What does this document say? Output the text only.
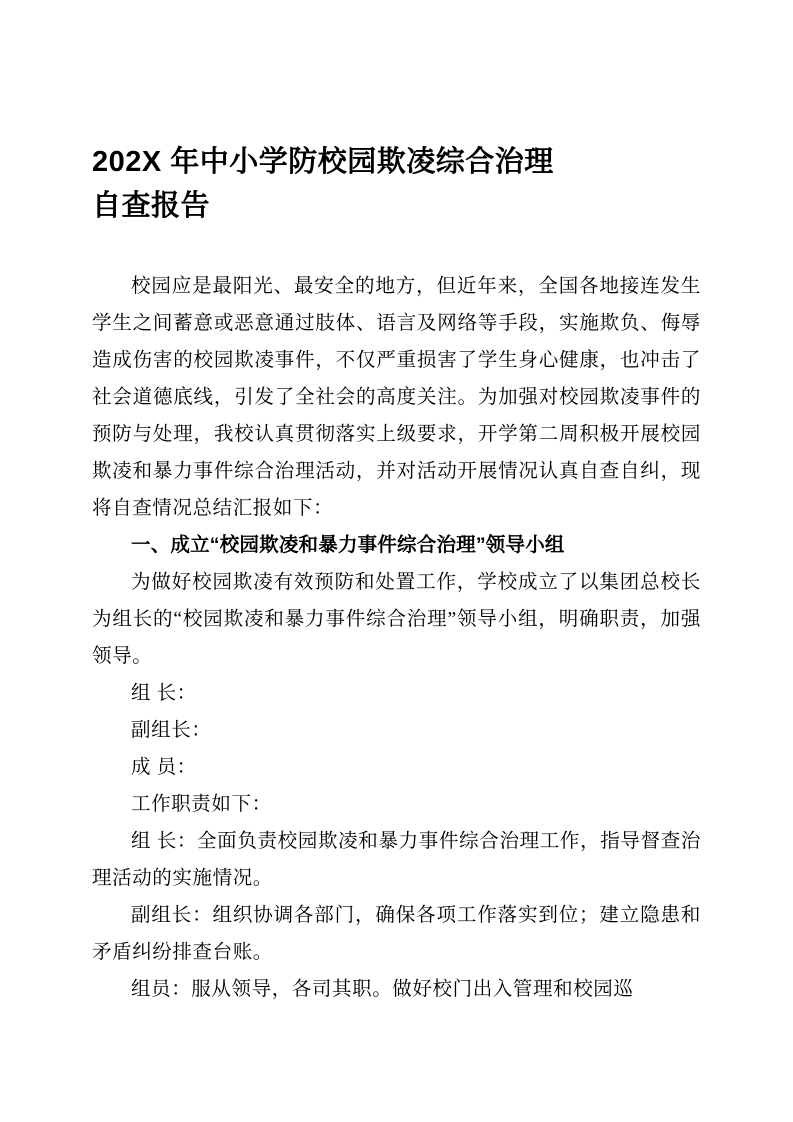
202X 年中小学防校园欺凌综合治理
自查报告

校园应是最阳光、最安全的地方，但近年来，全国各地接连发生学生之间蓄意或恶意通过肢体、语言及网络等手段，实施欺负、侮辱造成伤害的校园欺凌事件，不仅严重损害了学生身心健康，也冲击了社会道德底线，引发了全社会的高度关注。为加强对校园欺凌事件的预防与处理，我校认真贯彻落实上级要求，开学第二周积极开展校园欺凌和暴力事件综合治理活动，并对活动开展情况认真自查自纠，现将自查情况总结汇报如下：

一、成立“校园欺凌和暴力事件综合治理”领导小组

为做好校园欺凌有效预防和处置工作，学校成立了以集团总校长为组长的“校园欺凌和暴力事件综合治理”领导小组，明确职责，加强领导。

组 长：

副组长：

成 员：

工作职责如下：

组 长：全面负责校园欺凌和暴力事件综合治理工作，指导督查治理活动的实施情况。

副组长：组织协调各部门，确保各项工作落实到位；建立隐患和矛盾纠纷排查台账。

组员：服从领导，各司其职。做好校门出入管理和校园巡
